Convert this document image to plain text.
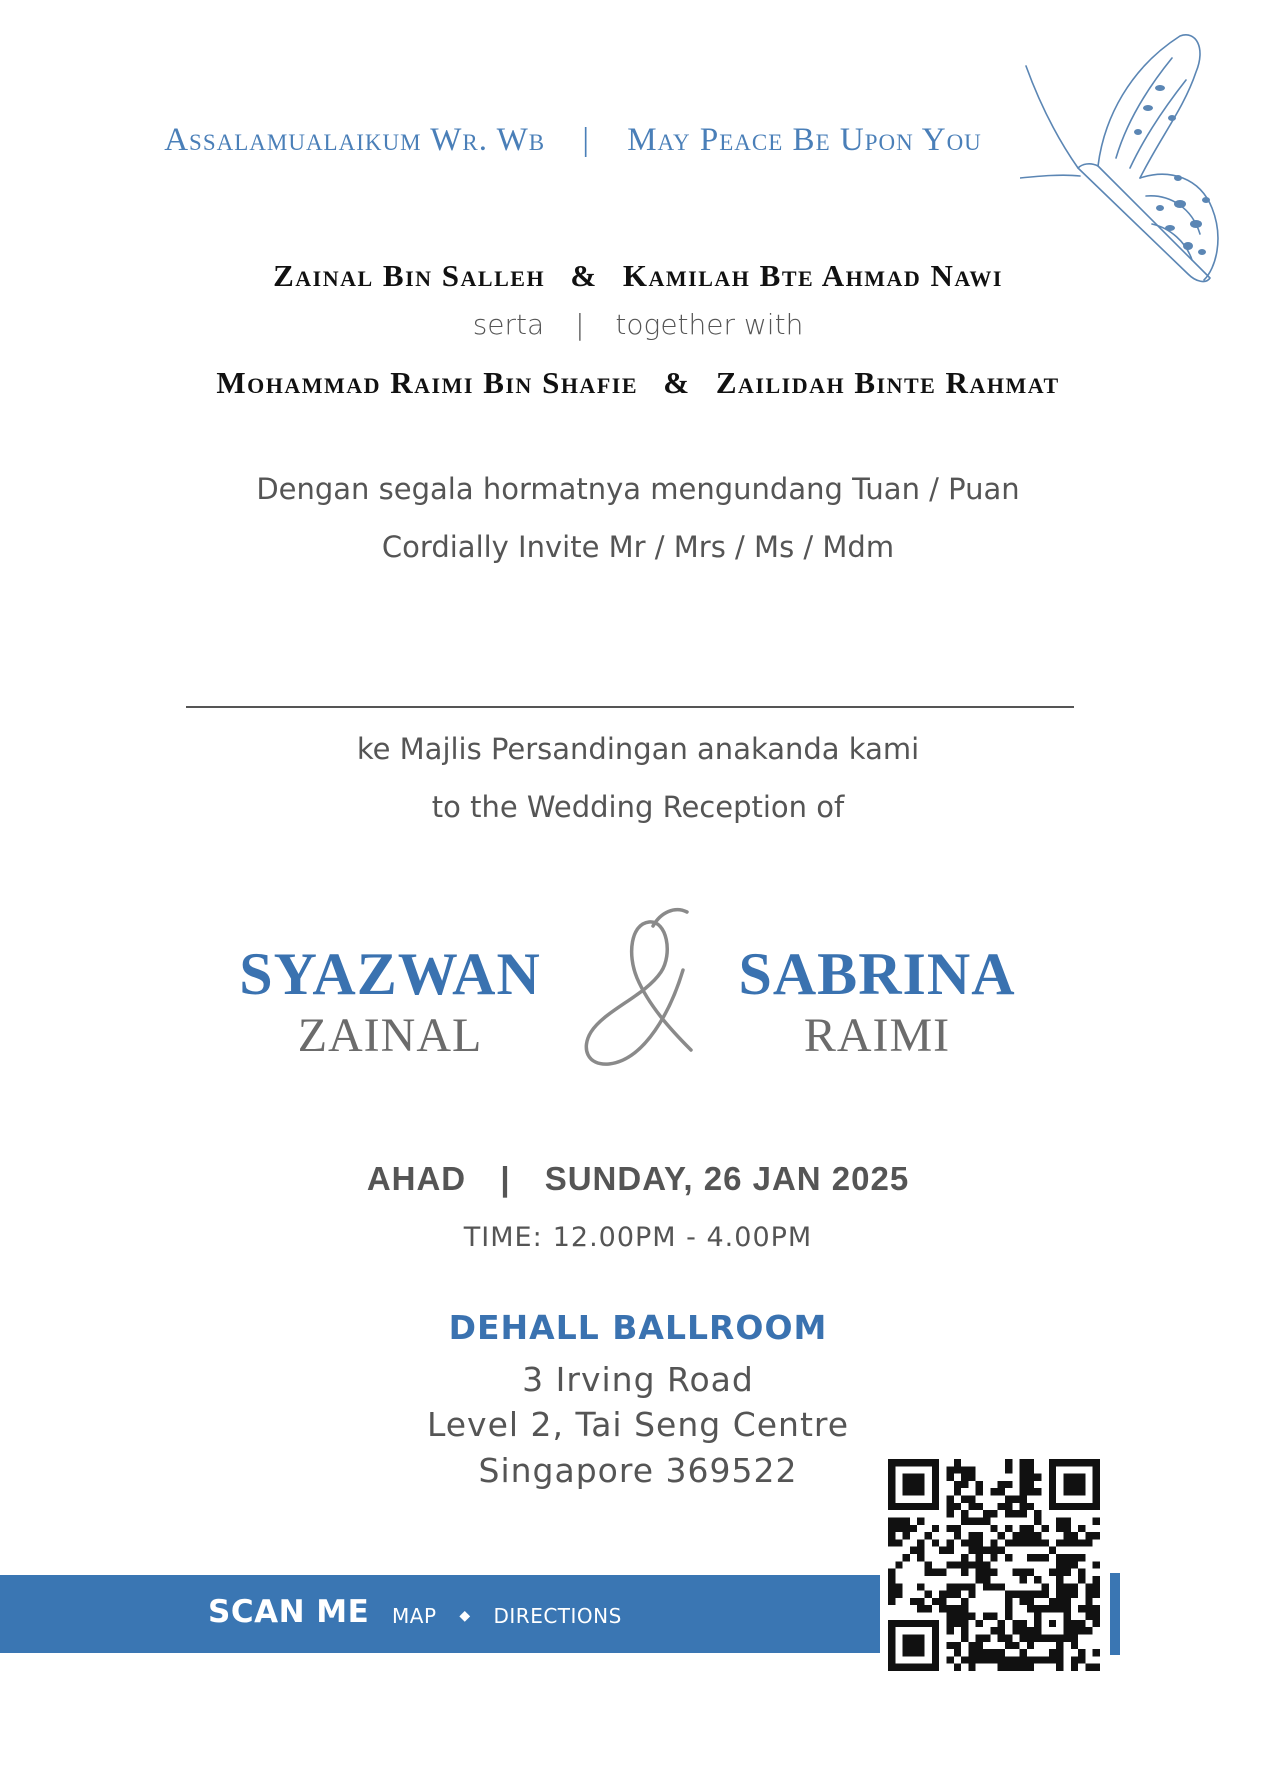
Assalamualaikum Wr. Wb | May Peace Be Upon You
Zainal Bin Salleh & Kamilah Bte Ahmad Nawi
serta | together with
Mohammad Raimi Bin Shafie & Zailidah Binte Rahmat
Dengan segala hormatnya mengundang Tuan / Puan
Cordially Invite Mr / Mrs / Ms / Mdm
ke Majlis Persandingan anakanda kami
to the Wedding Reception of
SYAZWAN
ZAINAL
SABRINA
RAIMI
AHAD | SUNDAY, 26 JAN 2025
TIME: 12.00PM - 4.00PM
DEHALL BALLROOM
3 Irving Road
Level 2, Tai Seng Centre
Singapore 369522
SCAN ME MAP ◆ DIRECTIONS
